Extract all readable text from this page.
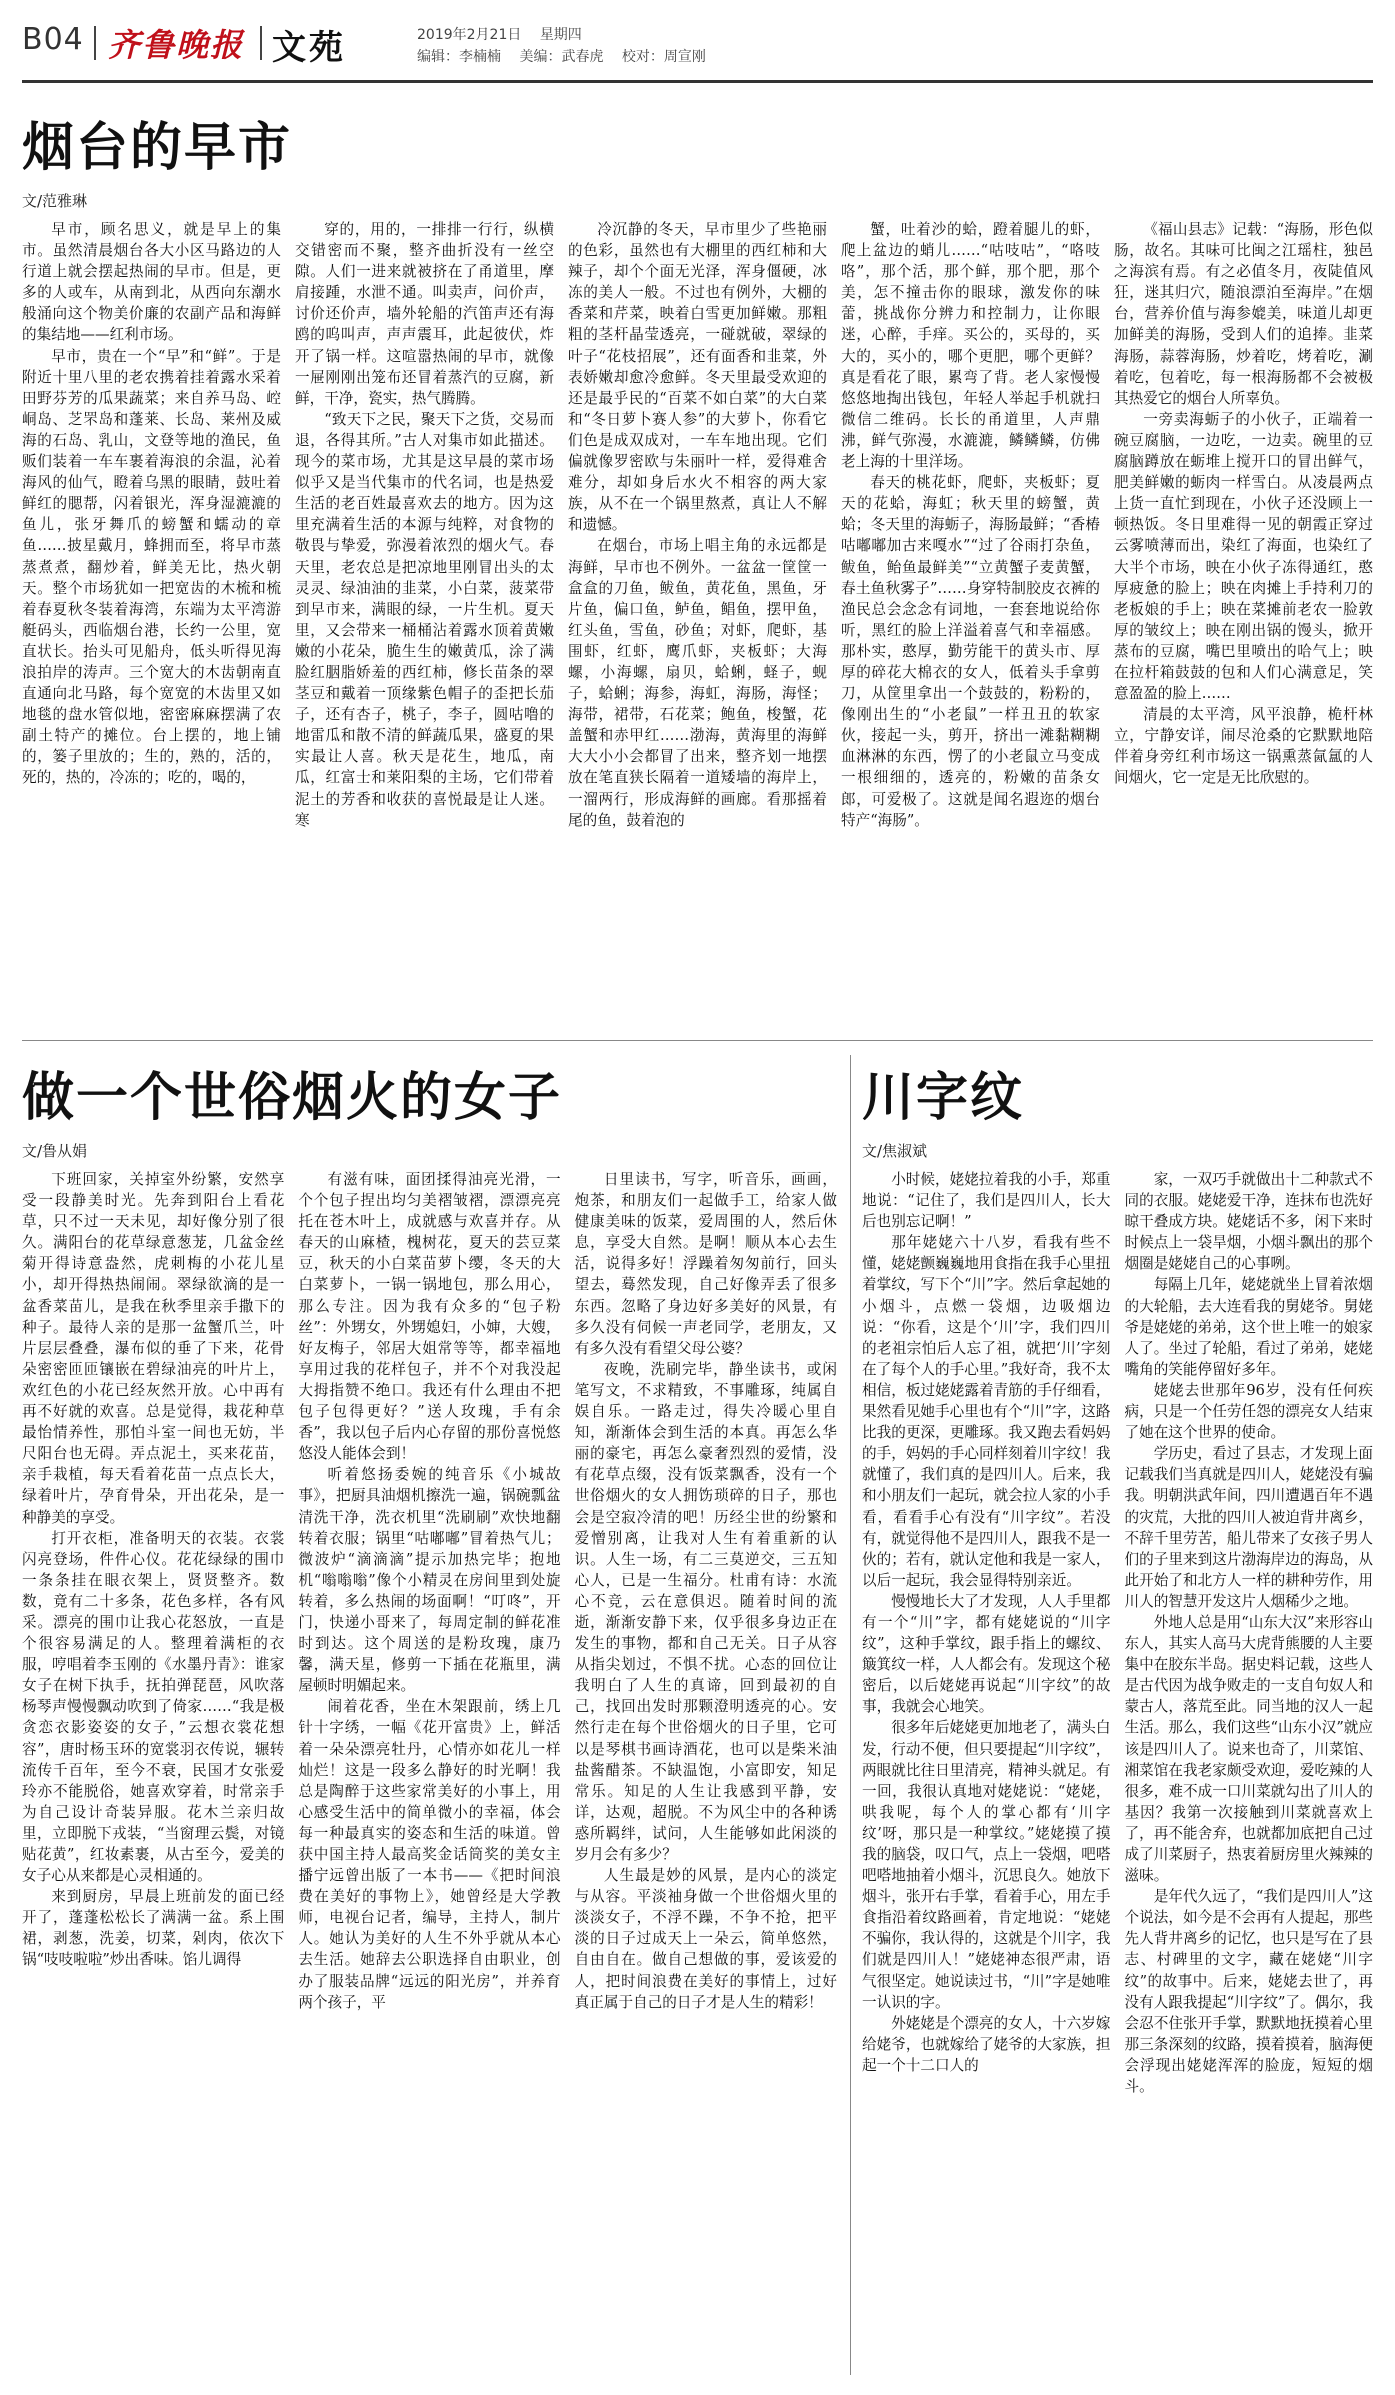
B04 齐鲁晚报 文苑	2019年2月21日 星期四
编辑：李楠楠 美编：武春虎 校对：周宣刚
烟台的早市
文/范雅琳

早市，顾名思义，就是早上的集市。虽然清晨烟台各大小区马路边的人行道上就会摆起热闹的早市。但是，更多的人或车，从南到北，从西向东潮水般涌向这个物美价廉的农副产品和海鲜的集结地——红利市场。

早市，贵在一个“早”和“鲜”。于是附近十里八里的老农携着挂着露水采着田野芬芳的瓜果蔬菜；来自养马岛、崆峒岛、芝罘岛和蓬莱、长岛、莱州及威海的石岛、乳山，文登等地的渔民，鱼贩们装着一车车裹着海浪的余温，沁着海风的仙气，瞪着乌黑的眼睛，鼓吐着鲜红的腮帮，闪着银光，浑身湿漉漉的鱼儿，张牙舞爪的螃蟹和蠕动的章鱼……披星戴月，蜂拥而至，将早市蒸蒸煮煮，翻炒着，鲜美无比，热火朝天。整个市场犹如一把宽齿的木梳和梳着春夏秋冬装着海湾，东端为太平湾游艇码头，西临烟台港，长约一公里，宽直状长。抬头可见船舟，低头听得见海浪拍岸的涛声。三个宽大的木齿朝南直直通向北马路，每个宽宽的木齿里又如地毯的盘水管似地，密密麻麻摆满了农副土特产的摊位。台上摆的，地上铺的，篓子里放的；生的，熟的，活的，死的，热的，冷冻的；吃的，喝的，

穿的，用的，一排排一行行，纵横交错密而不聚，整齐曲折没有一丝空隙。人们一进来就被挤在了甬道里，摩肩接踵，水泄不通。叫卖声，问价声，讨价还价声，墙外轮船的汽笛声还有海鸥的呜叫声，声声震耳，此起彼伏，炸开了锅一样。这喧嚣热闹的早市，就像一屉刚刚出笼布还冒着蒸汽的豆腐，新鲜，干净，瓷实，热气腾腾。

“致天下之民，聚天下之货，交易而退，各得其所。”古人对集市如此描述。现今的菜市场，尤其是这早晨的菜市场似乎又是当代集市的代名词，也是热爱生活的老百姓最喜欢去的地方。因为这里充满着生活的本源与纯粹，对食物的敬畏与挚爱，弥漫着浓烈的烟火气。春天里，老农总是把凉地里刚冒出头的太灵灵、绿油油的韭菜，小白菜，菠菜带到早市来，满眼的绿，一片生机。夏天里，又会带来一桶桶沾着露水顶着黄嫩嫩的小花朵，脆生生的嫩黄瓜，涂了满脸红胭脂娇羞的西红柿，修长苗条的翠茎豆和戴着一顶缘紫色帽子的歪把长茄子，还有杏子，桃子，李子，圆咕噜的地雷瓜和散不清的鲜蔬瓜果，盛夏的果实最让人喜。秋天是花生，地瓜，南瓜，红富士和莱阳梨的主场，它们带着泥土的芳香和收获的喜悦最是让人迷。寒

冷沉静的冬天，早市里少了些艳丽的色彩，虽然也有大棚里的西红柿和大辣子，却个个面无光泽，浑身僵硬，冰冻的美人一般。不过也有例外，大棚的香菜和芹菜，映着白雪更加鲜嫩。那粗粗的茎杆晶莹透亮，一碰就破，翠绿的叶子“花枝招展”，还有面香和韭菜，外表娇嫩却愈冷愈鲜。冬天里最受欢迎的还是最乎民的“百菜不如白菜”的大白菜和“冬日萝卜赛人参”的大萝卜，你看它们色是成双成对，一车车地出现。它们偏就像罗密欧与朱丽叶一样，爱得难舍难分，却如身后水火不相容的两大家族，从不在一个锅里熬煮，真让人不解和遗憾。

在烟台，市场上唱主角的永远都是海鲜，早市也不例外。一盆盆一筐筐一盒盒的刀鱼，鲅鱼，黄花鱼，黑鱼，牙片鱼，偏口鱼，鲈鱼，鲳鱼，摆甲鱼，红头鱼，雪鱼，砂鱼；对虾，爬虾，基围虾，红虾，鹰爪虾，夹板虾；大海螺，小海螺，扇贝，蛤蜊，蛏子，蚬子，蛤蜊；海参，海虹，海肠，海怪；海带，裙带，石花菜；鲍鱼，梭蟹，花盖蟹和赤甲红……渤海，黄海里的海鲜大大小小会都冒了出来，整齐划一地摆放在笔直狭长隔着一道矮墙的海岸上，一溜两行，形成海鲜的画廊。看那摇着尾的鱼，鼓着泡的

蟹，吐着沙的蛤，蹬着腿儿的虾，爬上盆边的蛸儿……“咕吱咕”，“咯吱咯”，那个活，那个鲜，那个肥，那个美，怎不撞击你的眼球，激发你的味蕾，挑战你分辨力和控制力，让你眼迷，心醉，手痒。买公的，买母的，买大的，买小的，哪个更肥，哪个更鲜？真是看花了眼，累弯了背。老人家慢慢悠悠地掏出钱包，年轻人举起手机就扫微信二维码。长长的甬道里，人声鼎沸，鲜气弥漫，水漉漉，鳞鳞鳞，仿佛老上海的十里洋场。

春天的桃花虾，爬虾，夹板虾；夏天的花蛤，海虹；秋天里的螃蟹，黄蛤；冬天里的海蛎子，海肠最鲜；“香椿咕嘟嘟加古来嘎水”“过了谷雨打杂鱼，鲅鱼，鲐鱼最鲜美”“立黄蟹子麦黄蟹，春土鱼秋雾子”……身穿特制胶皮衣裤的渔民总会念念有词地，一套套地说给你听，黑红的脸上洋溢着喜气和幸福感。那朴实，憨厚，勤劳能干的黄头市、厚厚的碎花大棉衣的女人，低着头手拿剪刀，从筐里拿出一个鼓鼓的，粉粉的，像刚出生的“小老鼠”一样丑丑的软家伙，接起一头，剪开，挤出一滩黏糊糊血淋淋的东西，愣了的小老鼠立马变成一根细细的，透亮的，粉嫩的苗条女郎，可爱极了。这就是闻名遐迩的烟台特产“海肠”。

《福山县志》记载：“海肠，形色似肠，故名。其味可比闽之江瑶柱，独邑之海滨有焉。有之必值冬月，夜陡值风狂，迷其归穴，随浪漂泊至海岸。”在烟台，营养价值与海参媲美，味道儿却更加鲜美的海肠，受到人们的追捧。韭菜海肠，蒜蓉海肠，炒着吃，烤着吃，涮着吃，包着吃，每一根海肠都不会被极其热爱它的烟台人所辜负。

一旁卖海蛎子的小伙子，正端着一碗豆腐脑，一边吃，一边卖。碗里的豆腐脑蹲放在蛎堆上搅开口的冒出鲜气，肥美鲜嫩的蛎肉一样雪白。从凌晨两点上货一直忙到现在，小伙子还没顾上一顿热饭。冬日里难得一见的朝霞正穿过云雾喷薄而出，染红了海面，也染红了大半个市场，映在小伙子冻得通红，憨厚疲惫的脸上；映在肉摊上手持利刀的老板娘的手上；映在菜摊前老农一脸敦厚的皱纹上；映在刚出锅的馒头，掀开蒸布的豆腐，嘴巴里喷出的哈气上；映在拉杆箱鼓鼓的包和人们心满意足，笑意盈盈的脸上……

清晨的太平湾，风平浪静，桅杆林立，宁静安详，闹尽沧桑的它默默地陪伴着身旁红利市场这一锅熏蒸氤氲的人间烟火，它一定是无比欣慰的。

做一个世俗烟火的女子
文/鲁从娟

下班回家，关掉室外纷繁，安然享受一段静美时光。先奔到阳台上看花草，只不过一天未见，却好像分别了很久。满阳台的花草绿意葱茏，几盆金丝菊开得诗意盎然，虎刺梅的小花儿星小，却开得热热闹闹。翠绿欲滴的是一盆香菜苗儿，是我在秋季里亲手撒下的种子。最待人亲的是那一盆蟹爪兰，叶片层层叠叠，瀑布似的垂了下来，花骨朵密密匝匝镶嵌在碧绿油亮的叶片上，欢红色的小花已经灰然开放。心中再有再不好就的欢喜。总是觉得，栽花种草最怡情养性，那怕斗室一间也无妨，半尺阳台也无碍。弄点泥土，买来花苗，亲手栽植，每天看着花苗一点点长大，绿着叶片，孕育骨朵，开出花朵，是一种静美的享受。

打开衣柜，准备明天的衣装。衣裳闪亮登场，件件心仪。花花绿绿的围巾一条条挂在眼衣架上，贤贤整齐。数数，竟有二十多条，花色多样，各有风采。漂亮的围巾让我心花怒放，一直是个很容易满足的人。整理着满柜的衣服，哼唱着李玉刚的《水墨丹青》：谁家女子在树下执手，抚拍弹琵琶，风吹落杨琴声慢慢飘动吹到了倚家……“我是极贪恋衣影姿姿的女子，”云想衣裳花想容”，唐时杨玉环的宽裳羽衣传说，辗转流传千百年，至今不衰，民国才女张爱玲亦不能脱俗，她喜欢穿着，时常亲手为自己设计奇装异服。花木兰亲归故里，立即脱下戎装，“当窗理云鬓，对镜贴花黄”，红妆素裹，从古至今，爱美的女子心从来都是心灵相通的。

来到厨房，早晨上班前发的面已经开了，蓬蓬松松长了满满一盆。系上围裙，剥葱，洗姜，切菜，剁肉，依次下锅“吱吱啦啦”炒出香味。馅儿调得

有滋有味，面团揉得油亮光滑，一个个包子捏出均匀美褶皱褶，漂漂亮亮托在苍木叶上，成就感与欢喜并存。从春天的山麻楂，槐树花，夏天的芸豆菜豆，秋天的小白菜苗萝卜缨，冬天的大白菜萝卜，一锅一锅地包，那么用心，那么专注。因为我有众多的“包子粉丝”：外甥女，外甥媳妇，小婶，大嫂，好友梅子，邻居大姐常等等，都幸福地享用过我的花样包子，并不个对我没起大拇指赞不绝口。我还有什么理由不把包子包得更好？”送人玫瑰，手有余香”，我以包子后内心存留的那份喜悦悠悠没人能体会到！

听着悠扬委婉的纯音乐《小城故事》，把厨具油烟机擦洗一遍，锅碗瓢盆清洗干净，洗衣机里“洗刷刷”欢快地翻转着衣服；锅里“咕嘟嘟”冒着热气儿；微波炉“滴滴滴”提示加热完毕；抱地机“嗡嗡嗡”像个小精灵在房间里到处旋转着，多么热闹的场面啊！“叮咚”，开门，快递小哥来了，每周定制的鲜花准时到达。这个周送的是粉玫瑰，康乃馨，满天星，修剪一下插在花瓶里，满屋顿时明媚起来。

闹着花香，坐在木架跟前，绣上几针十字绣，一幅《花开富贵》上，鲜活着一朵朵漂亮牡丹，心情亦如花儿一样灿烂！这是一段多么静好的时光啊！我总是陶醉于这些家常美好的小事上，用心感受生活中的简单微小的幸福，体会每一种最真实的姿态和生活的味道。曾获中国主持人最高奖金话筒奖的美女主播宁远曾出版了一本书——《把时间浪费在美好的事物上》，她曾经是大学教师，电视台记者，编导，主持人，制片人。她认为美好的人生不外乎就从本心去生活。她辞去公职选择自由职业，创办了服装品牌“远远的阳光房”，并养育两个孩子，平

日里读书，写字，听音乐，画画，炮茶，和朋友们一起做手工，给家人做健康美味的饭菜，爱周围的人，然后休息，享受大自然。是啊！顺从本心去生活，说得多好！浮躁着匆匆前行，回头望去，蓦然发现，自己好像弄丢了很多东西。忽略了身边好多美好的风景，有多久没有伺候一声老同学，老朋友，又有多久没有看望父母公婆？

夜晚，洗刷完毕，静坐读书，或闲笔写文，不求精致，不事雕琢，纯属自娱自乐。一路走过，得失冷暖心里自知，渐渐体会到生活的本真。再怎么华丽的豪宅，再怎么豪奢烈烈的爱情，没有花草点缀，没有饭菜飘香，没有一个世俗烟火的女人拥饬琐碎的日子，那也会是空寂冷清的吧！历经尘世的纷繁和爱憎别离，让我对人生有着重新的认识。人生一场，有二三莫逆交，三五知心人，已是一生福分。杜甫有诗：水流心不竞，云在意俱迟。随着时间的流逝，渐渐安静下来，仅乎很多身边正在发生的事物，都和自己无关。日子从容从指尖划过，不惧不扰。心态的回位让我明白了人生的真谛，回到最初的自己，找回出发时那颗澄明透亮的心。安然行走在每个世俗烟火的日子里，它可以是琴棋书画诗酒花，也可以是柴米油盐酱醋茶。不缺温饱，小富即安，知足常乐。知足的人生让我感到平静，安详，达观，超脱。不为风尘中的各种诱惑所羁绊，试问，人生能够如此闲淡的岁月会有多少？

人生最是妙的风景，是内心的淡定与从容。平淡袖身做一个世俗烟火里的淡淡女子，不浮不躁，不争不抢，把平淡的日子过成天上一朵云，简单悠然，自由自在。做自己想做的事，爱该爱的人，把时间浪费在美好的事情上，过好真正属于自己的日子才是人生的精彩！

川字纹
文/焦淑斌

小时候，姥姥拉着我的小手，郑重地说：“记住了，我们是四川人，长大后也别忘记啊！”

那年姥姥六十八岁，看我有些不懂，姥姥颤巍巍地用食指在我手心里扭着掌纹，写下个“川”字。然后拿起她的小烟斗，点燃一袋烟，边吸烟边说：“你看，这是个‘川’字，我们四川的老祖宗怕后人忘了祖，就把‘川’字刻在了每个人的手心里。”我好奇，我不太相信，板过姥姥露着青筋的手仔细看，果然看见她手心里也有个“川”字，这路比我的更深，更雕琢。我又跑去看妈妈的手，妈妈的手心同样刻着川字纹！我就懂了，我们真的是四川人。后来，我和小朋友们一起玩，就会拉人家的小手看，看看手心有没有“川字纹”。若没有，就觉得他不是四川人，跟我不是一伙的；若有，就认定他和我是一家人，以后一起玩，我会显得特别亲近。

慢慢地长大了才发现，人人手里都有一个“川”字，都有姥姥说的“川字纹”，这种手掌纹，跟手指上的螺纹、簸箕纹一样，人人都会有。发现这个秘密后，以后姥姥再说起“川字纹”的故事，我就会心地笑。

很多年后姥姥更加地老了，满头白发，行动不便，但只要提起“川字纹”，两眼就比往日里清亮，精神头就足。有一回，我很认真地对姥姥说：“姥姥，哄我呢，每个人的掌心都有‘川字纹’呀，那只是一种掌纹。”姥姥摸了摸我的脑袋，叹口气，点上一袋烟，吧嗒吧嗒地抽着小烟斗，沉思良久。她放下烟斗，张开右手掌，看着手心，用左手食指沿着纹路画着，肯定地说：“姥姥不骗你，我认得的，这就是个川字，我们就是四川人！”姥姥神态很严肃，语气很坚定。她说读过书，“川”字是她唯一认识的字。

外姥姥是个漂亮的女人，十六岁嫁给姥爷，也就嫁给了姥爷的大家族，担起一个十二口人的

家，一双巧手就做出十二种款式不同的衣服。姥姥爱干净，连抹布也洗好晾干叠成方块。姥姥话不多，闲下来时时候点上一袋旱烟，小烟斗飘出的那个烟圈是姥姥自己的心事咧。

每隔上几年，姥姥就坐上冒着浓烟的大轮船，去大连看我的舅姥爷。舅姥爷是姥姥的弟弟，这个世上唯一的娘家人了。坐过了轮船，看过了弟弟，姥姥嘴角的笑能停留好多年。

姥姥去世那年96岁，没有任何疾病，只是一个任劳任怨的漂亮女人结束了她在这个世界的使命。

学历史，看过了县志，才发现上面记载我们当真就是四川人，姥姥没有骗我。明朝洪武年间，四川遭遇百年不遇的灾荒，大批的四川人被迫背井离乡，不辞千里劳苦，船儿带来了女孩子男人们的子里来到这片渤海岸边的海岛，从此开始了和北方人一样的耕种劳作，用川人的智慧开发这片人烟稀少之地。

外地人总是用“山东大汉”来形容山东人，其实人高马大虎背熊腰的人主要集中在胶东半岛。据史料记载，这些人是古代因为战争败走的一支自句奴人和蒙古人，落荒至此。同当地的汉人一起生活。那么，我们这些“山东小汉”就应该是四川人了。说来也奇了，川菜馆、湘菜馆在我老家颇受欢迎，爱吃辣的人很多，难不成一口川菜就勾出了川人的基因？我第一次接触到川菜就喜欢上了，再不能舍弃，也就都加底把自己过成了川菜厨子，热衷着厨房里火辣辣的滋味。

是年代久远了，“我们是四川人”这个说法，如今是不会再有人提起，那些先人背井离乡的记忆，也只是写在了县志、村碑里的文字，藏在姥姥“川字纹”的故事中。后来，姥姥去世了，再没有人跟我提起“川字纹”了。偶尔，我会忍不住张开手掌，默默地抚摸着心里那三条深刻的纹路，摸着摸着，脑海便会浮现出姥姥浑浑的脸庞，短短的烟斗。
